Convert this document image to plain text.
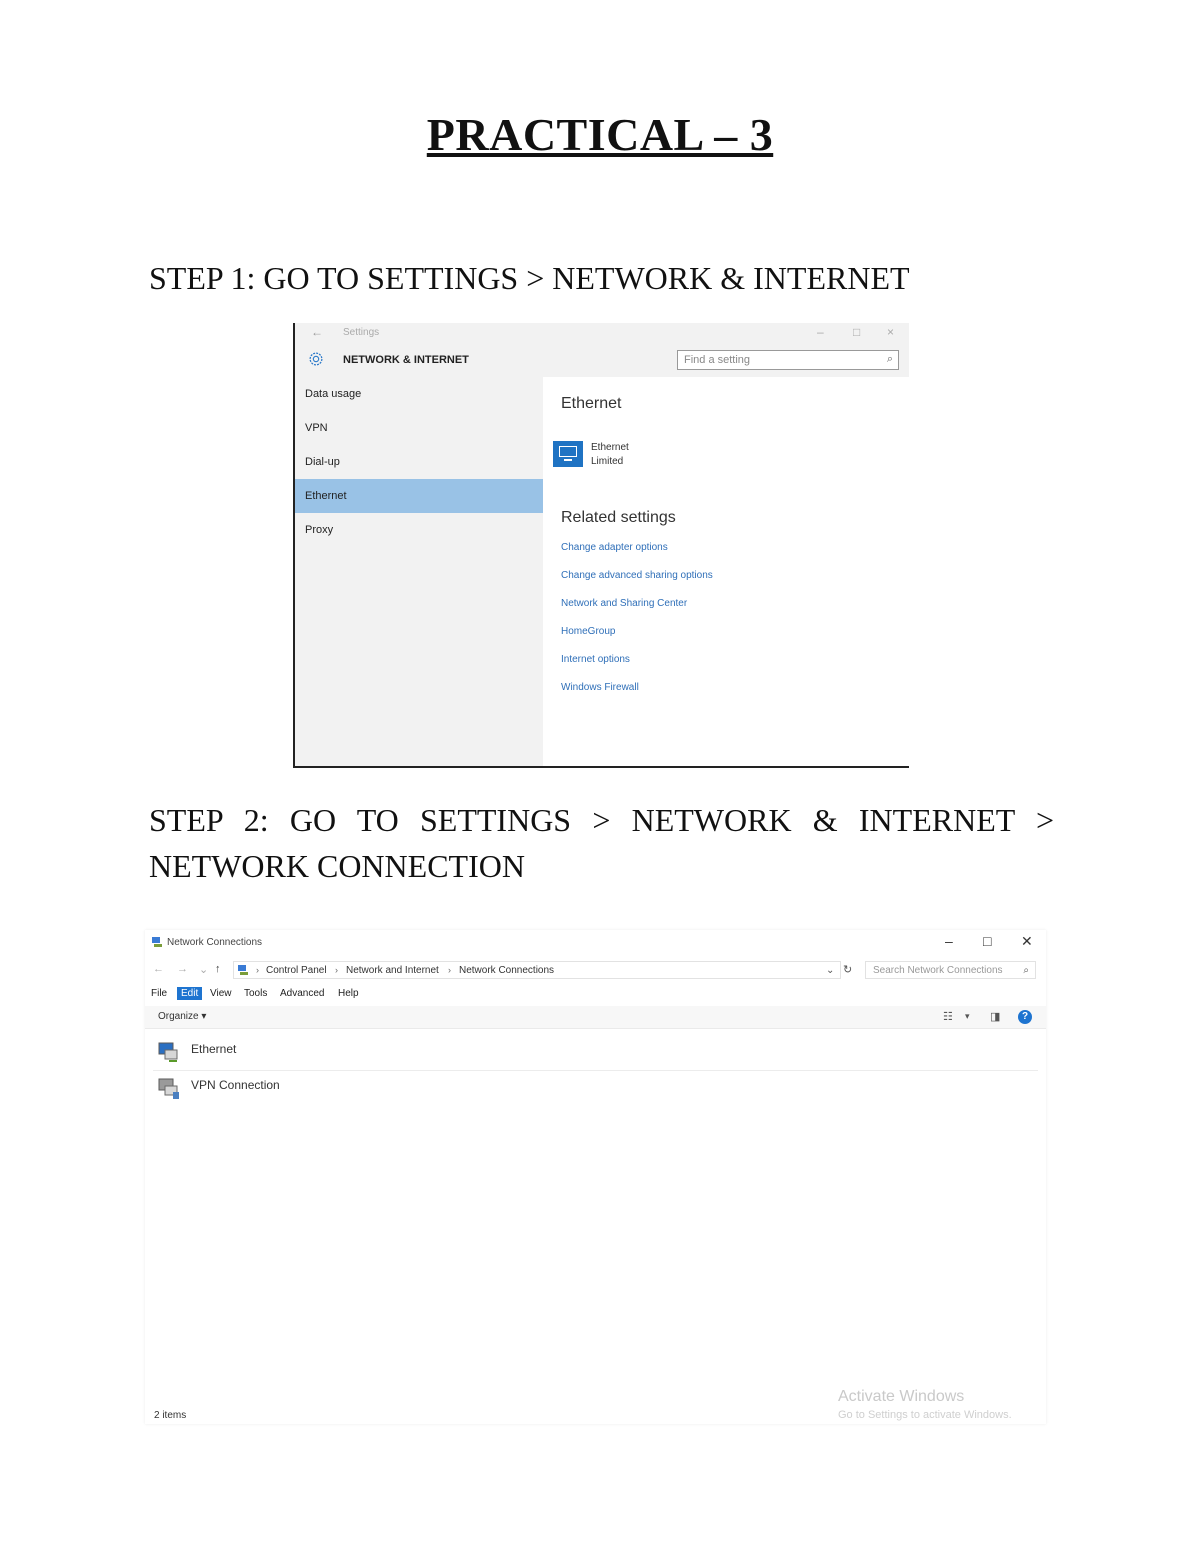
PRACTICAL – 3
STEP 1: GO TO SETTINGS > NETWORK & INTERNET
← Settings	– □ ×
NETWORK & INTERNET	Find a setting	⌕
Data usage
VPN
Dial-up
Ethernet
Proxy
Ethernet
Ethernet
Limited
Related settings
Change adapter options
Change advanced sharing options
Network and Sharing Center
HomeGroup
Internet options
Windows Firewall
STEP 2: GO TO SETTINGS > NETWORK & INTERNET > NETWORK CONNECTION
Network Connections	– □ ✕
← → ⌄ ↑	› Control Panel › Network and Internet › Network Connections	⌄ ↻ Search Network Connections ⌕
File	Edit	View Tools Advanced Help
Organize ▾	☷ ▾ ◨	?
Ethernet
VPN Connection
2 items
Activate Windows
Go to Settings to activate Windows.
